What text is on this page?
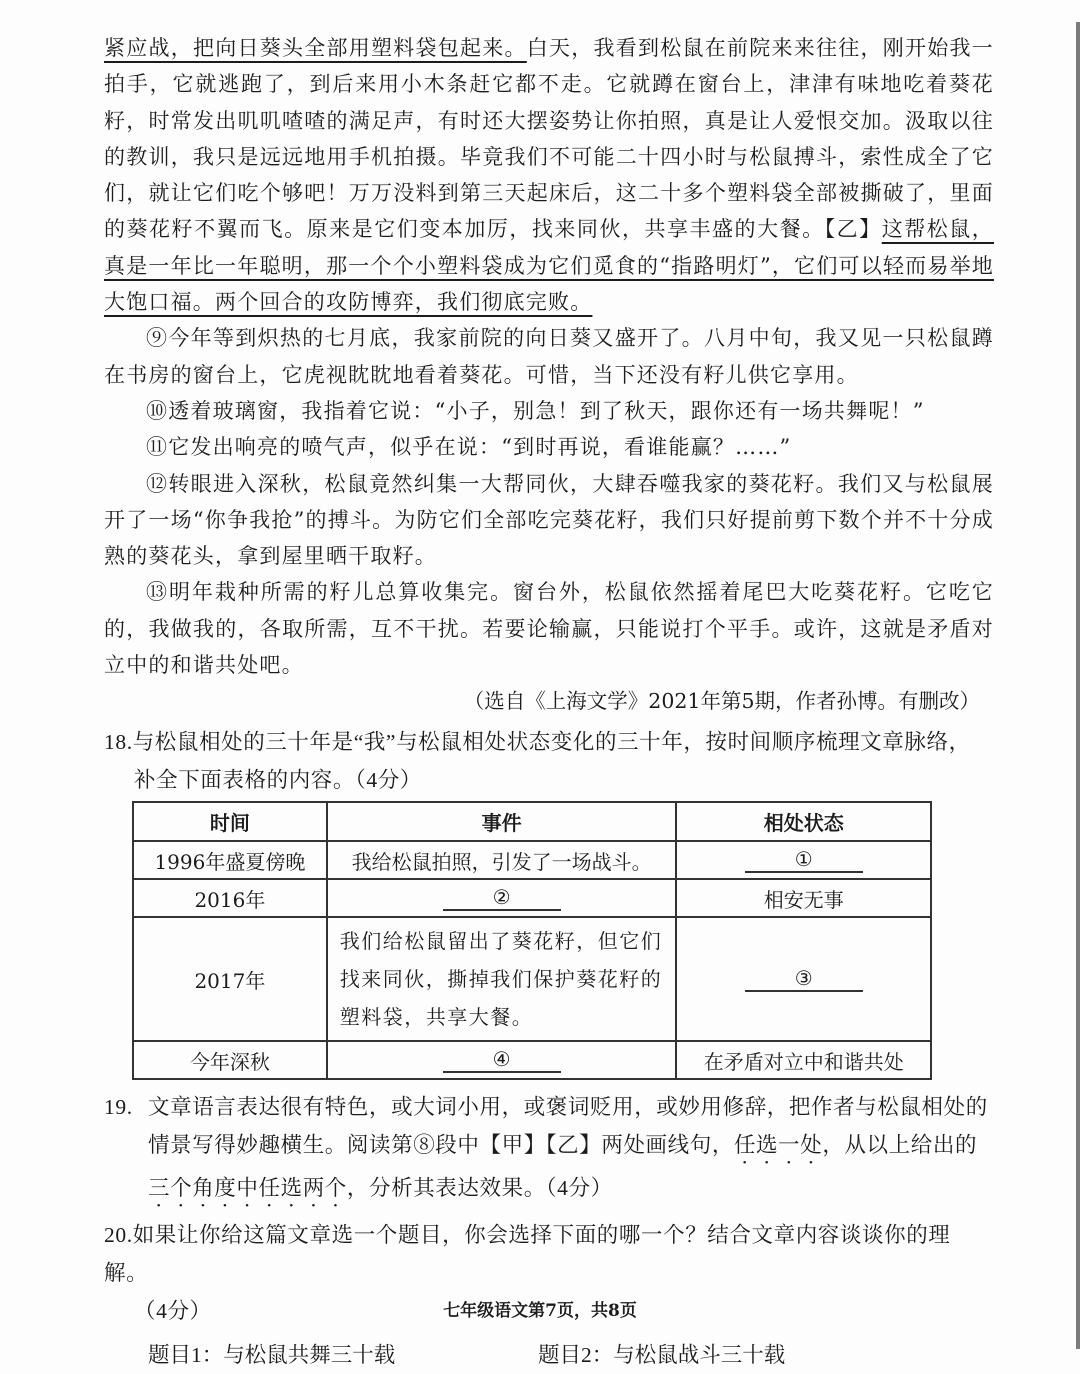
紧应战，把向日葵头全部用塑料袋包起来。白天，我看到松鼠在前院来来往往，刚开始我一拍手，它就逃跑了，到后来用小木条赶它都不走。它就蹲在窗台上，津津有味地吃着葵花籽，时常发出叽叽喳喳的满足声，有时还大摆姿势让你拍照，真是让人爱恨交加。汲取以往的教训，我只是远远地用手机拍摄。毕竟我们不可能二十四小时与松鼠搏斗，索性成全了它们，就让它们吃个够吧！万万没料到第三天起床后，这二十多个塑料袋全部被撕破了，里面的葵花籽不翼而飞。原来是它们变本加厉，找来同伙，共享丰盛的大餐。【乙】这帮松鼠，真是一年比一年聪明，那一个个小塑料袋成为它们觅食的“指路明灯”，它们可以轻而易举地大饱口福。两个回合的攻防博弈，我们彻底完败。

⑨今年等到炽热的七月底，我家前院的向日葵又盛开了。八月中旬，我又见一只松鼠蹲在书房的窗台上，它虎视眈眈地看着葵花。可惜，当下还没有籽儿供它享用。

⑩透着玻璃窗，我指着它说：“小子，别急！到了秋天，跟你还有一场共舞呢！”

⑪它发出响亮的喷气声，似乎在说：“到时再说，看谁能赢？……”

⑫转眼进入深秋，松鼠竟然纠集一大帮同伙，大肆吞噬我家的葵花籽。我们又与松鼠展开了一场“你争我抢”的搏斗。为防它们全部吃完葵花籽，我们只好提前剪下数个并不十分成熟的葵花头，拿到屋里晒干取籽。

⑬明年栽种所需的籽儿总算收集完。窗台外，松鼠依然摇着尾巴大吃葵花籽。它吃它的，我做我的，各取所需，互不干扰。若要论输赢，只能说打个平手。或许，这就是矛盾对立中的和谐共处吧。

（选自《上海文学》2021年第5期，作者孙博。有删改）

18.与松鼠相处的三十年是“我”与松鼠相处状态变化的三十年，按时间顺序梳理文章脉络，
补全下面表格的内容。（4分）
时间	事件	相处状态
1996年盛夏傍晚	我给松鼠拍照，引发了一场战斗。	①
2016年	②	相安无事
2017年	我们给松鼠留出了葵花籽，但它们找来同伙，撕掉我们保护葵花籽的塑料袋，共享大餐。	③
今年深秋	④	在矛盾对立中和谐共处
19. 文章语言表达很有特色，或大词小用，或褒词贬用，或妙用修辞，把作者与松鼠相处的情景写得妙趣横生。阅读第⑧段中【甲】【乙】两处画线句，任选一处，从以上给出的三个角度中任选两个，分析其表达效果。（4分）
20.如果让你给这篇文章选一个题目，你会选择下面的哪一个？结合文章内容谈谈你的理解。
（4分）
题目1：与松鼠共舞三十载	题目2：与松鼠战斗三十载
七年级语文第7页，共8页
